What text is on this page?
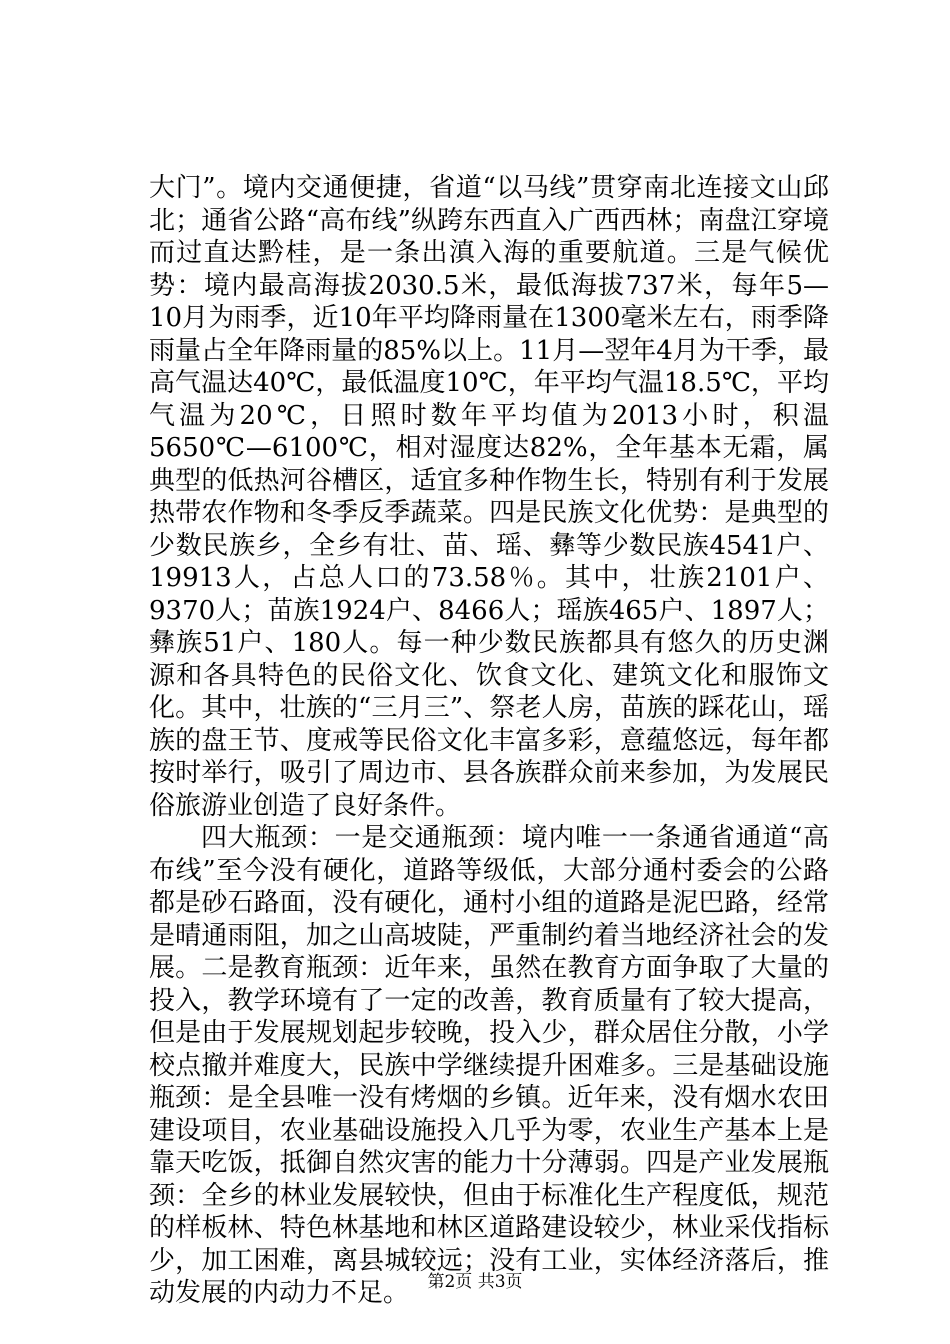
大门”。境内交通便捷，省道“以马线”贯穿南北连接文山邱北；通省公路“高布线”纵跨东西直入广西西林；南盘江穿境而过直达黔桂，是一条出滇入海的重要航道。三是气候优势：境内最高海拔2030.5米，最低海拔737米，每年5—10月为雨季，近10年平均降雨量在1300毫米左右，雨季降雨量占全年降雨量的85%以上。11月—翌年4月为干季，最高气温达40℃，最低温度10℃，年平均气温18.5℃，平均气温为20℃，日照时数年平均值为2013小时，积温5650℃—6100℃，相对湿度达82%，全年基本无霜，属典型的低热河谷槽区，适宜多种作物生长，特别有利于发展热带农作物和冬季反季蔬菜。四是民族文化优势：是典型的少数民族乡，全乡有壮、苗、瑶、彝等少数民族4541户、19913人，占总人口的73.58％。其中，壮族2101户、9370人；苗族1924户、8466人；瑶族465户、1897人；彝族51户、180人。每一种少数民族都具有悠久的历史渊源和各具特色的民俗文化、饮食文化、建筑文化和服饰文化。其中，壮族的“三月三”、祭老人房，苗族的踩花山，瑶族的盘王节、度戒等民俗文化丰富多彩，意蕴悠远，每年都按时举行，吸引了周边市、县各族群众前来参加，为发展民俗旅游业创造了良好条件。

四大瓶颈：一是交通瓶颈：境内唯一一条通省通道“高布线”至今没有硬化，道路等级低，大部分通村委会的公路都是砂石路面，没有硬化，通村小组的道路是泥巴路，经常是晴通雨阻，加之山高坡陡，严重制约着当地经济社会的发展。二是教育瓶颈：近年来，虽然在教育方面争取了大量的投入，教学环境有了一定的改善，教育质量有了较大提高，但是由于发展规划起步较晚，投入少，群众居住分散，小学校点撤并难度大，民族中学继续提升困难多。三是基础设施瓶颈：是全县唯一没有烤烟的乡镇。近年来，没有烟水农田建设项目，农业基础设施投入几乎为零，农业生产基本上是靠天吃饭，抵御自然灾害的能力十分薄弱。四是产业发展瓶颈：全乡的林业发展较快，但由于标准化生产程度低，规范的样板林、特色林基地和林区道路建设较少，林业采伐指标少，加工困难，离县城较远；没有工业，实体经济落后，推动发展的内动力不足。	第2页 共3页
